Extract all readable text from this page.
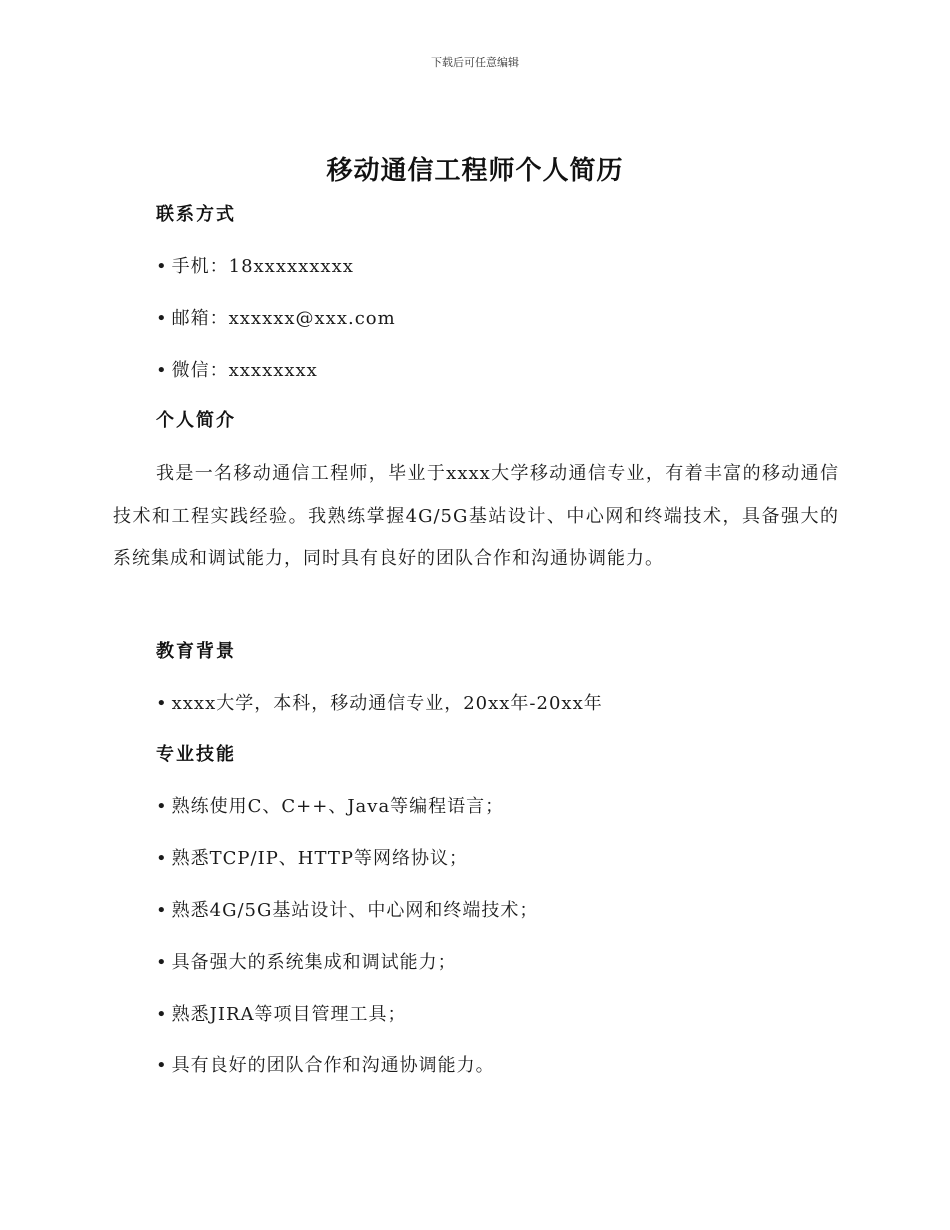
下载后可任意编辑
移动通信工程师个人简历
联系方式
• 手机：18xxxxxxxxx
• 邮箱：xxxxxx@xxx.com
• 微信：xxxxxxxx
个人简介
我是一名移动通信工程师，毕业于xxxx大学移动通信专业，有着丰富的移动通信技术和工程实践经验。我熟练掌握4G/5G基站设计、中心网和终端技术，具备强大的系统集成和调试能力，同时具有良好的团队合作和沟通协调能力。
教育背景
• xxxx大学，本科，移动通信专业，20xx年-20xx年
专业技能
• 熟练使用C、C++、Java等编程语言；
• 熟悉TCP/IP、HTTP等网络协议；
• 熟悉4G/5G基站设计、中心网和终端技术；
• 具备强大的系统集成和调试能力；
• 熟悉JIRA等项目管理工具；
• 具有良好的团队合作和沟通协调能力。
